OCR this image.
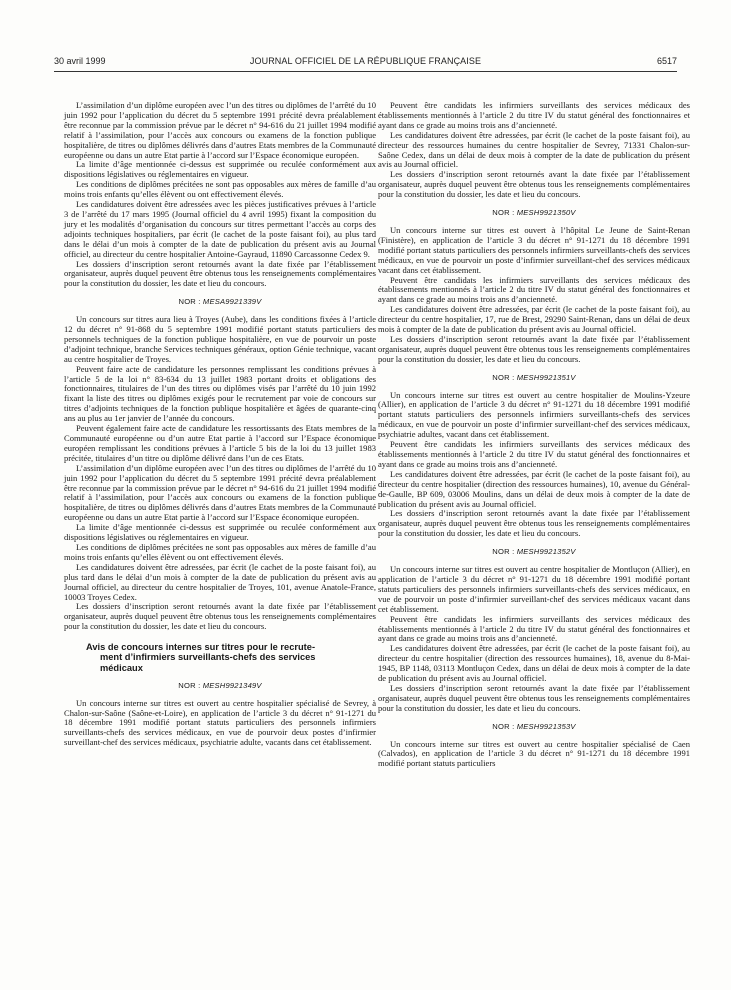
30 avril 1999	JOURNAL OFFICIEL DE LA RÉPUBLIQUE FRANÇAISE	6517

L’assimilation d’un diplôme européen avec l’un des titres ou diplômes de l’arrêté du 10 juin 1992 pour l’application du décret du 5 septembre 1991 précité devra préalablement être reconnue par la commission prévue par le décret n° 94-616 du 21 juillet 1994 modifié relatif à l’assimilation, pour l’accès aux concours ou examens de la fonction publique hospitalière, de titres ou diplômes délivrés dans d’autres Etats membres de la Communauté européenne ou dans un autre Etat partie à l’accord sur l’Espace économique européen.

La limite d’âge mentionnée ci-dessus est supprimée ou reculée conformément aux dispositions législatives ou réglementaires en vigueur.

Les conditions de diplômes précitées ne sont pas opposables aux mères de famille d’au moins trois enfants qu’elles élèvent ou ont effectivement élevés.

Les candidatures doivent être adressées avec les pièces justificatives prévues à l’article 3 de l’arrêté du 17 mars 1995 (Journal officiel du 4 avril 1995) fixant la composition du jury et les modalités d’organisation du concours sur titres permettant l’accès au corps des adjoints techniques hospitaliers, par écrit (le cachet de la poste faisant foi), au plus tard dans le délai d’un mois à compter de la date de publication du présent avis au Journal officiel, au directeur du centre hospitalier Antoine-Gayraud, 11890 Carcassonne Cedex 9.

Les dossiers d’inscription seront retournés avant la date fixée par l’établissement organisateur, auprès duquel peuvent être obtenus tous les renseignements complémentaires pour la constitution du dossier, les date et lieu du concours.

NOR : MESA9921339V

Un concours sur titres aura lieu à Troyes (Aube), dans les conditions fixées à l’article 12 du décret n° 91-868 du 5 septembre 1991 modifié portant statuts particuliers des personnels techniques de la fonction publique hospitalière, en vue de pourvoir un poste d’adjoint technique, branche Services techniques généraux, option Génie technique, vacant au centre hospitalier de Troyes.

Peuvent faire acte de candidature les personnes remplissant les conditions prévues à l’article 5 de la loi n° 83-634 du 13 juillet 1983 portant droits et obligations des fonctionnaires, titulaires de l’un des titres ou diplômes visés par l’arrêté du 10 juin 1992 fixant la liste des titres ou diplômes exigés pour le recrutement par voie de concours sur titres d’adjoints techniques de la fonction publique hospitalière et âgées de quarante-cinq ans au plus au 1er janvier de l’année du concours.

Peuvent également faire acte de candidature les ressortissants des Etats membres de la Communauté européenne ou d’un autre Etat partie à l’accord sur l’Espace économique européen remplissant les conditions prévues à l’article 5 bis de la loi du 13 juillet 1983 précitée, titulaires d’un titre ou diplôme délivré dans l’un de ces Etats.

L’assimilation d’un diplôme européen avec l’un des titres ou diplômes de l’arrêté du 10 juin 1992 pour l’application du décret du 5 septembre 1991 précité devra préalablement être reconnue par la commission prévue par le décret n° 94-616 du 21 juillet 1994 modifié relatif à l’assimilation, pour l’accès aux concours ou examens de la fonction publique hospitalière, de titres ou diplômes délivrés dans d’autres Etats membres de la Communauté européenne ou dans un autre Etat partie à l’accord sur l’Espace économique européen.

La limite d’âge mentionnée ci-dessus est supprimée ou reculée conformément aux dispositions législatives ou réglementaires en vigueur.

Les conditions de diplômes précitées ne sont pas opposables aux mères de famille d’au moins trois enfants qu’elles élèvent ou ont effectivement élevés.

Les candidatures doivent être adressées, par écrit (le cachet de la poste faisant foi), au plus tard dans le délai d’un mois à compter de la date de publication du présent avis au Journal officiel, au directeur du centre hospitalier de Troyes, 101, avenue Anatole-France, 10003 Troyes Cedex.

Les dossiers d’inscription seront retournés avant la date fixée par l’établissement organisateur, auprès duquel peuvent être obtenus tous les renseignements complémentaires pour la constitution du dossier, les date et lieu du concours.

Avis de concours internes sur titres pour le recrute-
ment d’infirmiers surveillants-chefs des services
médicaux
NOR : MESH9921349V

Un concours interne sur titres est ouvert au centre hospitalier spécialisé de Sevrey, à Chalon-sur-Saône (Saône-et-Loire), en application de l’article 3 du décret n° 91-1271 du 18 décembre 1991 modifié portant statuts particuliers des personnels infirmiers surveillants-chefs des services médicaux, en vue de pourvoir deux postes d’infirmier surveillant-chef des services médicaux, psychiatrie adulte, vacants dans cet établissement.

Peuvent être candidats les infirmiers surveillants des services médicaux des établissements mentionnés à l’article 2 du titre IV du statut général des fonctionnaires et ayant dans ce grade au moins trois ans d’ancienneté.

Les candidatures doivent être adressées, par écrit (le cachet de la poste faisant foi), au directeur des ressources humaines du centre hospitalier de Sevrey, 71331 Chalon-sur-Saône Cedex, dans un délai de deux mois à compter de la date de publication du présent avis au Journal officiel.

Les dossiers d’inscription seront retournés avant la date fixée par l’établissement organisateur, auprès duquel peuvent être obtenus tous les renseignements complémentaires pour la constitution du dossier, les date et lieu du concours.

NOR : MESH9921350V

Un concours interne sur titres est ouvert à l’hôpital Le Jeune de Saint-Renan (Finistère), en application de l’article 3 du décret n° 91-1271 du 18 décembre 1991 modifié portant statuts particuliers des personnels infirmiers surveillants-chefs des services médicaux, en vue de pourvoir un poste d’infirmier surveillant-chef des services médicaux vacant dans cet établissement.

Peuvent être candidats les infirmiers surveillants des services médicaux des établissements mentionnés à l’article 2 du titre IV du statut général des fonctionnaires et ayant dans ce grade au moins trois ans d’ancienneté.

Les candidatures doivent être adressées, par écrit (le cachet de la poste faisant foi), au directeur du centre hospitalier, 17, rue de Brest, 29290 Saint-Renan, dans un délai de deux mois à compter de la date de publication du présent avis au Journal officiel.

Les dossiers d’inscription seront retournés avant la date fixée par l’établissement organisateur, auprès duquel peuvent être obtenus tous les renseignements complémentaires pour la constitution du dossier, les date et lieu du concours.

NOR : MESH9921351V

Un concours interne sur titres est ouvert au centre hospitalier de Moulins-Yzeure (Allier), en application de l’article 3 du décret n° 91-1271 du 18 décembre 1991 modifié portant statuts particuliers des personnels infirmiers surveillants-chefs des services médicaux, en vue de pourvoir un poste d’infirmier surveillant-chef des services médicaux, psychiatrie adultes, vacant dans cet établissement.

Peuvent être candidats les infirmiers surveillants des services médicaux des établissements mentionnés à l’article 2 du titre IV du statut général des fonctionnaires et ayant dans ce grade au moins trois ans d’ancienneté.

Les candidatures doivent être adressées, par écrit (le cachet de la poste faisant foi), au directeur du centre hospitalier (direction des ressources humaines), 10, avenue du Général-de-Gaulle, BP 609, 03006 Moulins, dans un délai de deux mois à compter de la date de publication du présent avis au Journal officiel.

Les dossiers d’inscription seront retournés avant la date fixée par l’établissement organisateur, auprès duquel peuvent être obtenus tous les renseignements complémentaires pour la constitution du dossier, les date et lieu du concours.

NOR : MESH9921352V

Un concours interne sur titres est ouvert au centre hospitalier de Montluçon (Allier), en application de l’article 3 du décret n° 91-1271 du 18 décembre 1991 modifié portant statuts particuliers des personnels infirmiers surveillants-chefs des services médicaux, en vue de pourvoir un poste d’infirmier surveillant-chef des services médicaux vacant dans cet établissement.

Peuvent être candidats les infirmiers surveillants des services médicaux des établissements mentionnés à l’article 2 du titre IV du statut général des fonctionnaires et ayant dans ce grade au moins trois ans d’ancienneté.

Les candidatures doivent être adressées, par écrit (le cachet de la poste faisant foi), au directeur du centre hospitalier (direction des ressources humaines), 18, avenue du 8-Mai-1945, BP 1148, 03113 Montluçon Cedex, dans un délai de deux mois à compter de la date de publication du présent avis au Journal officiel.

Les dossiers d’inscription seront retournés avant la date fixée par l’établissement organisateur, auprès duquel peuvent être obtenus tous les renseignements complémentaires pour la constitution du dossier, les date et lieu du concours.

NOR : MESH9921353V

Un concours interne sur titres est ouvert au centre hospitalier spécialisé de Caen (Calvados), en application de l’article 3 du décret n° 91-1271 du 18 décembre 1991 modifié portant statuts particuliers
